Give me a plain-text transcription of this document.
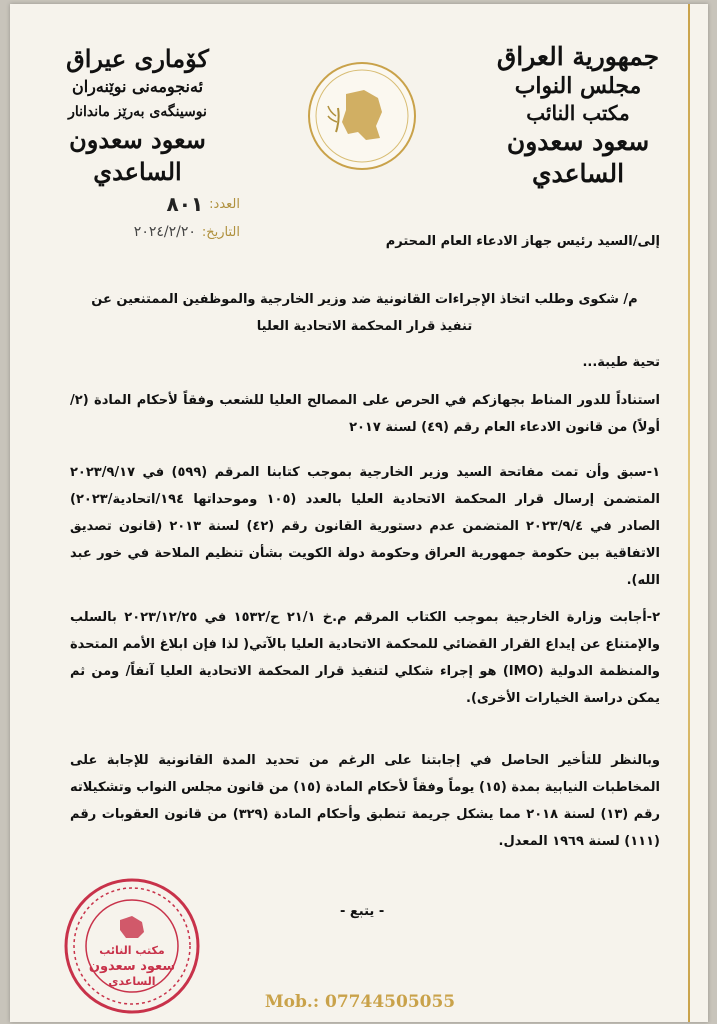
جمهورية العراق
مجلس النواب
مكتب النائب
سعود سعدون الساعدي
كۆماری عیراق
ئەنجومەنی نوێنەران
نوسینگەی بەرێز ماندانار
سعود سعدون الساعدي
العدد:
٨٠١
التاريخ:
٢٠٢٤/٢/٢٠
إلى/السيد رئيس جهاز الادعاء العام المحترم
م/ شكوى وطلب اتخاذ الإجراءات القانونية ضد وزير الخارجية والموظفين الممتنعين عن تنفيذ قرار المحكمة الاتحادية العليا
تحية طيبة...
استناداً للدور المناط بجهازكم في الحرص على المصالح العليا للشعب وفقاً لأحكام المادة (٢/أولاً) من قانون الادعاء العام رقم (٤٩) لسنة ٢٠١٧
١-سبق وأن تمت مفاتحة السيد وزير الخارجية بموجب كتابنا المرقم (٥٩٩) في ٢٠٢٣/٩/١٧ المتضمن إرسال قرار المحكمة الاتحادية العليا بالعدد (١٠٥ وموحداتها ١٩٤/اتحادية/٢٠٢٣) الصادر في ٢٠٢٣/٩/٤ المتضمن عدم دستورية القانون رقم (٤٢) لسنة ٢٠١٣ (قانون تصديق الاتفاقية بين حكومة جمهورية العراق وحكومة دولة الكويت بشأن تنظيم الملاحة في خور عبد الله).
٢-أجابت وزارة الخارجية بموجب الكتاب المرقم م.خ ٢١/١ ح/١٥٣٢ في ٢٠٢٣/١٢/٢٥ بالسلب والإمتناع عن إيداع القرار القضائي للمحكمة الاتحادية العليا بالآتي( لذا فإن ابلاغ الأمم المتحدة والمنظمة الدولية (IMO) هو إجراء شكلي لتنفيذ قرار المحكمة الاتحادية العليا آنفاً/ ومن ثم يمكن دراسة الخيارات الأخرى).
وبالنظر للتأخير الحاصل في إجابتنا على الرغم من تحديد المدة القانونية للإجابة على المخاطبات النيابية بمدة (١٥) يوماً وفقاً لأحكام المادة (١٥) من قانون مجلس النواب وتشكيلاته رقم (١٣) لسنة ٢٠١٨ مما يشكل جريمة تنطبق وأحكام المادة (٣٢٩) من قانون العقوبات رقم (١١١) لسنة ١٩٦٩ المعدل.
- يتبع -
مكتب النائب
سعود سعدون
الساعدي
Mob.: 07744505055
